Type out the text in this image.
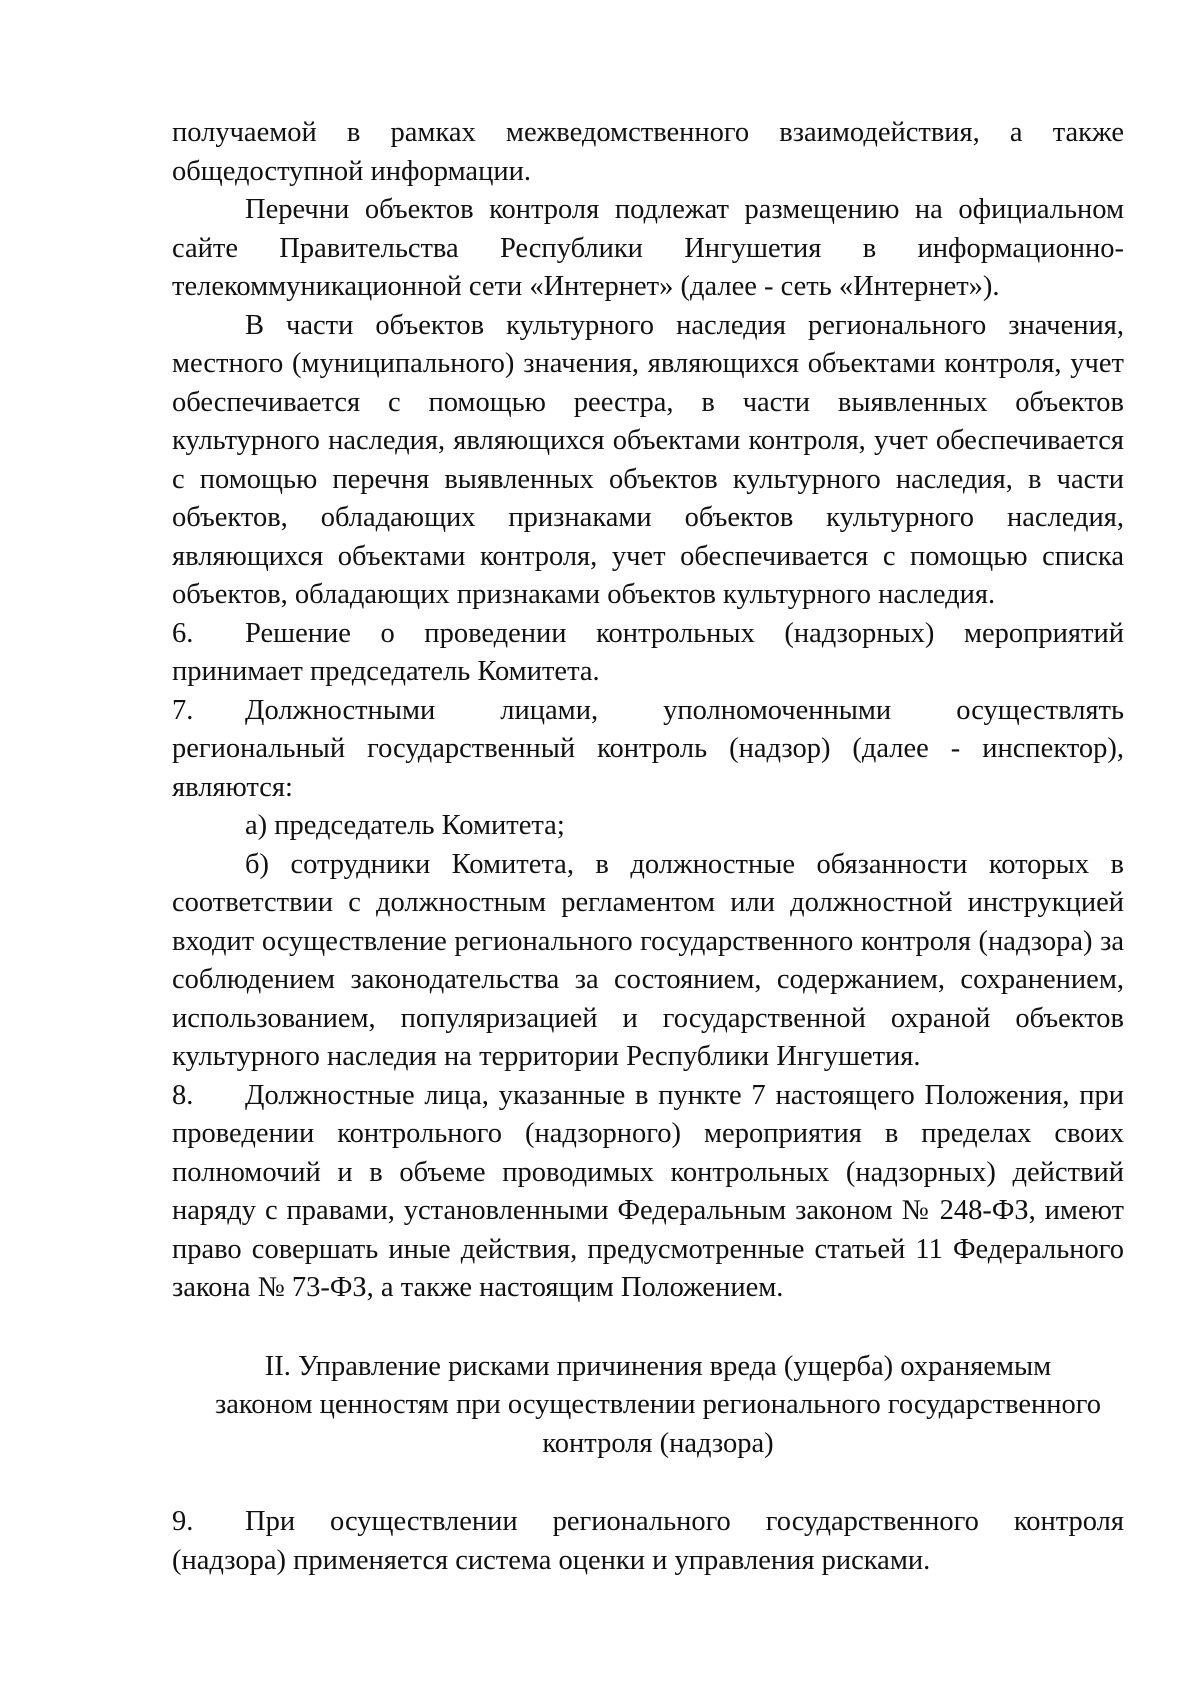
получаемой в рамках межведомственного взаимодействия, а также общедоступной информации.

Перечни объектов контроля подлежат размещению на официальном сайте Правительства Республики Ингушетия в информационно-телекоммуникационной сети «Интернет» (далее - сеть «Интернет»).

В части объектов культурного наследия регионального значения, местного (муниципального) значения, являющихся объектами контроля, учет обеспечивается с помощью реестра, в части выявленных объектов культурного наследия, являющихся объектами контроля, учет обеспечивается с помощью перечня выявленных объектов культурного наследия, в части объектов, обладающих признаками объектов культурного наследия, являющихся объектами контроля, учет обеспечивается с помощью списка объектов, обладающих признаками объектов культурного наследия.

6. Решение о проведении контрольных (надзорных) мероприятий принимает председатель Комитета.

7. Должностными лицами, уполномоченными осуществлять региональный государственный контроль (надзор) (далее - инспектор), являются:

а) председатель Комитета;

б) сотрудники Комитета, в должностные обязанности которых в соответствии с должностным регламентом или должностной инструкцией входит осуществление регионального государственного контроля (надзора) за соблюдением законодательства за состоянием, содержанием, сохранением, использованием, популяризацией и государственной охраной объектов культурного наследия на территории Республики Ингушетия.

8. Должностные лица, указанные в пункте 7 настоящего Положения, при проведении контрольного (надзорного) мероприятия в пределах своих полномочий и в объеме проводимых контрольных (надзорных) действий наряду с правами, установленными Федеральным законом № 248-ФЗ, имеют право совершать иные действия, предусмотренные статьей 11 Федерального закона № 73-ФЗ, а также настоящим Положением.

II. Управление рисками причинения вреда (ущерба) охраняемым

законом ценностям при осуществлении регионального государственного

контроля (надзора)

9. При осуществлении регионального государственного контроля (надзора) применяется система оценки и управления рисками.
